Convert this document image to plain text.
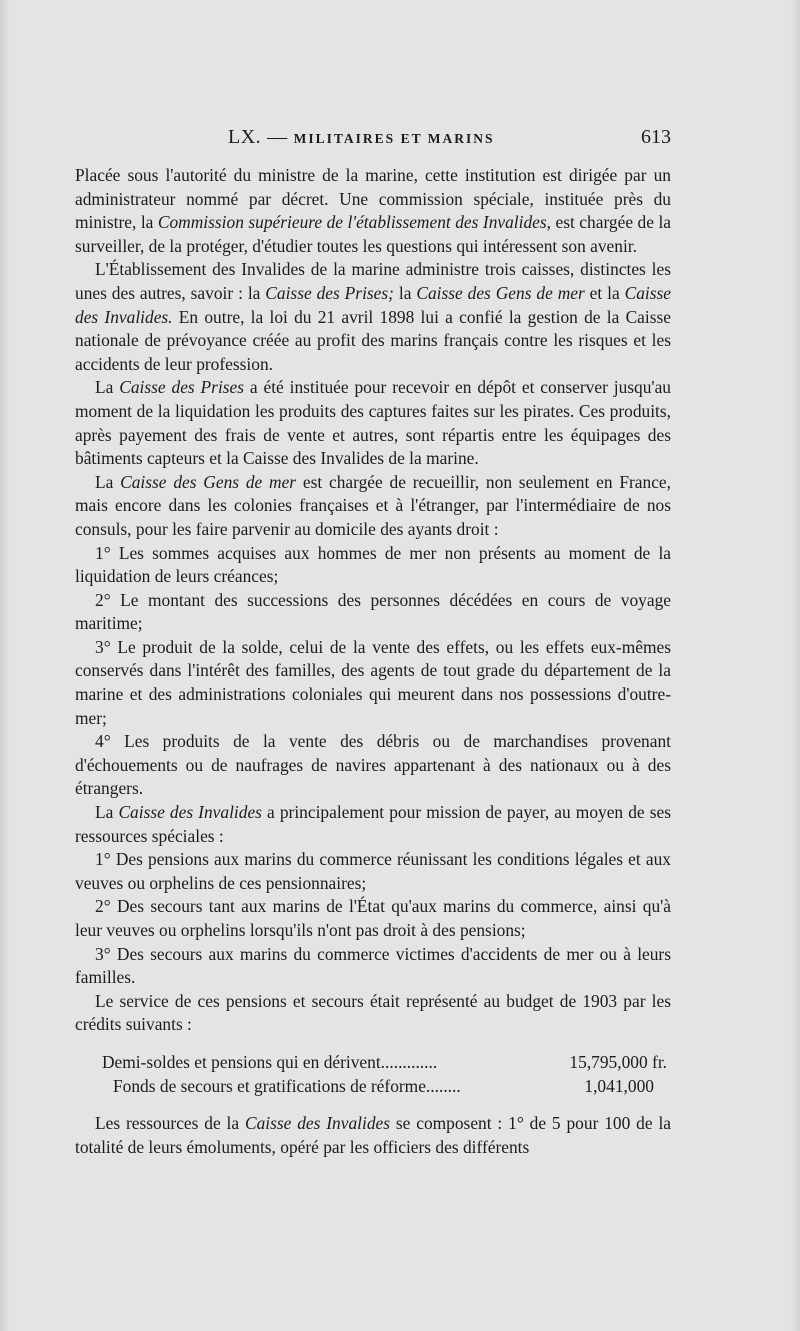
LX. — MILITAIRES ET MARINS	613

Placée sous l'autorité du ministre de la marine, cette institution est dirigée par un administrateur nommé par décret. Une commission spéciale, instituée près du ministre, la Commission supérieure de l'établissement des Invalides, est chargée de la surveiller, de la protéger, d'étudier toutes les questions qui intéressent son avenir.

L'Établissement des Invalides de la marine administre trois caisses, distinctes les unes des autres, savoir : la Caisse des Prises; la Caisse des Gens de mer et la Caisse des Invalides. En outre, la loi du 21 avril 1898 lui a confié la gestion de la Caisse nationale de prévoyance créée au profit des marins français contre les risques et les accidents de leur profession.

La Caisse des Prises a été instituée pour recevoir en dépôt et conserver jusqu'au moment de la liquidation les produits des captures faites sur les pirates. Ces produits, après payement des frais de vente et autres, sont répartis entre les équipages des bâtiments capteurs et la Caisse des Invalides de la marine.

La Caisse des Gens de mer est chargée de recueillir, non seulement en France, mais encore dans les colonies françaises et à l'étranger, par l'intermédiaire de nos consuls, pour les faire parvenir au domicile des ayants droit :

1° Les sommes acquises aux hommes de mer non présents au moment de la liquidation de leurs créances;

2° Le montant des successions des personnes décédées en cours de voyage maritime;

3° Le produit de la solde, celui de la vente des effets, ou les effets eux-mêmes conservés dans l'intérêt des familles, des agents de tout grade du département de la marine et des administrations coloniales qui meurent dans nos possessions d'outre-mer;

4° Les produits de la vente des débris ou de marchandises provenant d'échouements ou de naufrages de navires appartenant à des nationaux ou à des étrangers.

La Caisse des Invalides a principalement pour mission de payer, au moyen de ses ressources spéciales :

1° Des pensions aux marins du commerce réunissant les conditions légales et aux veuves ou orphelins de ces pensionnaires;

2° Des secours tant aux marins de l'État qu'aux marins du commerce, ainsi qu'à leur veuves ou orphelins lorsqu'ils n'ont pas droit à des pensions;

3° Des secours aux marins du commerce victimes d'accidents de mer ou à leurs familles.

Le service de ces pensions et secours était représenté au budget de 1903 par les crédits suivants :

Demi-soldes et pensions qui en dérivent.............	15,795,000 fr.
Fonds de secours et gratifications de réforme........	1,041,000

Les ressources de la Caisse des Invalides se composent : 1° de 5 pour 100 de la totalité de leurs émoluments, opéré par les officiers des différents
